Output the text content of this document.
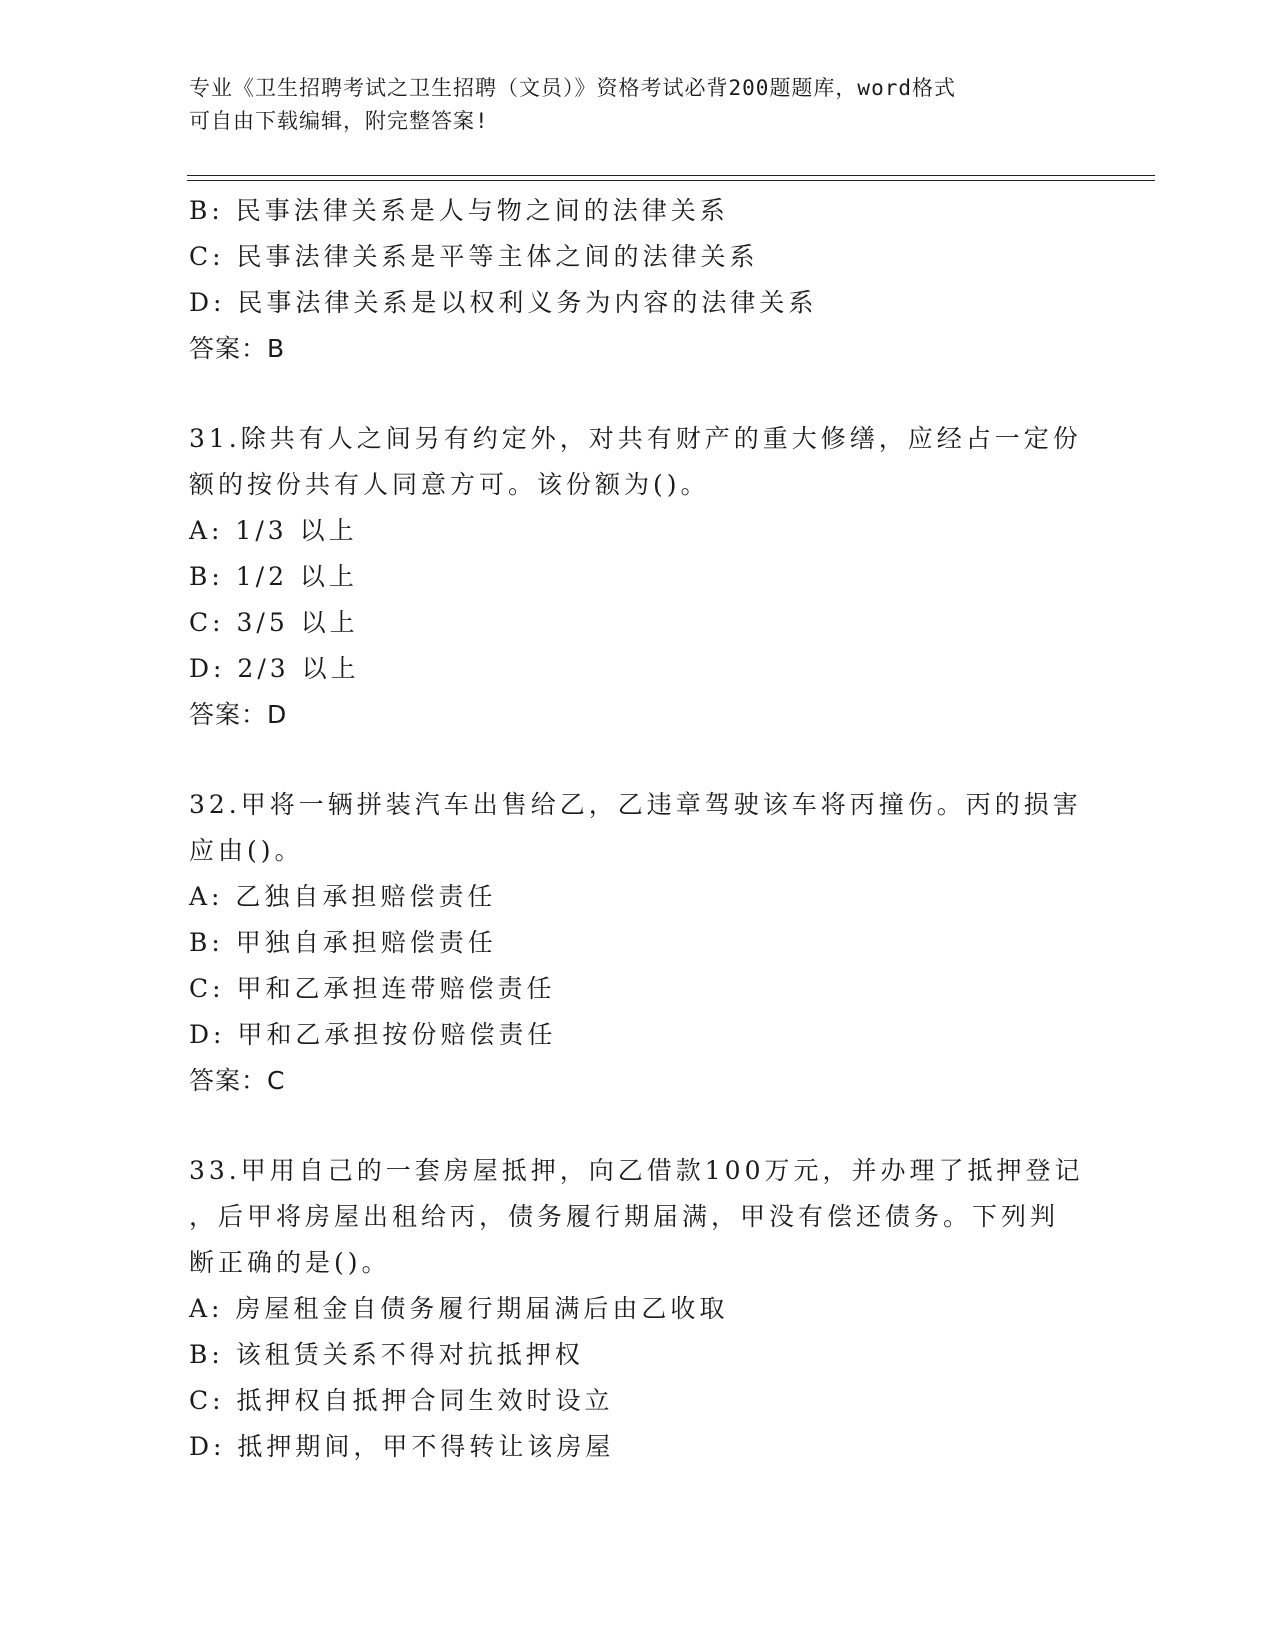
专业《卫生招聘考试之卫生招聘（文员）》资格考试必背200题题库，word格式
可自由下载编辑，附完整答案!
B: 民事法律关系是人与物之间的法律关系
C: 民事法律关系是平等主体之间的法律关系
D: 民事法律关系是以权利义务为内容的法律关系
答案：B
31.除共有人之间另有约定外，对共有财产的重大修缮，应经占一定份
额的按份共有人同意方可。该份额为()。
A: 1/3 以上
B: 1/2 以上
C: 3/5 以上
D: 2/3 以上
答案：D
32.甲将一辆拼装汽车出售给乙，乙违章驾驶该车将丙撞伤。丙的损害
应由()。
A: 乙独自承担赔偿责任
B: 甲独自承担赔偿责任
C: 甲和乙承担连带赔偿责任
D: 甲和乙承担按份赔偿责任
答案：C
33.甲用自己的一套房屋抵押，向乙借款100万元，并办理了抵押登记
，后甲将房屋出租给丙，债务履行期届满，甲没有偿还债务。下列判
断正确的是()。
A: 房屋租金自债务履行期届满后由乙收取
B: 该租赁关系不得对抗抵押权
C: 抵押权自抵押合同生效时设立
D: 抵押期间，甲不得转让该房屋
